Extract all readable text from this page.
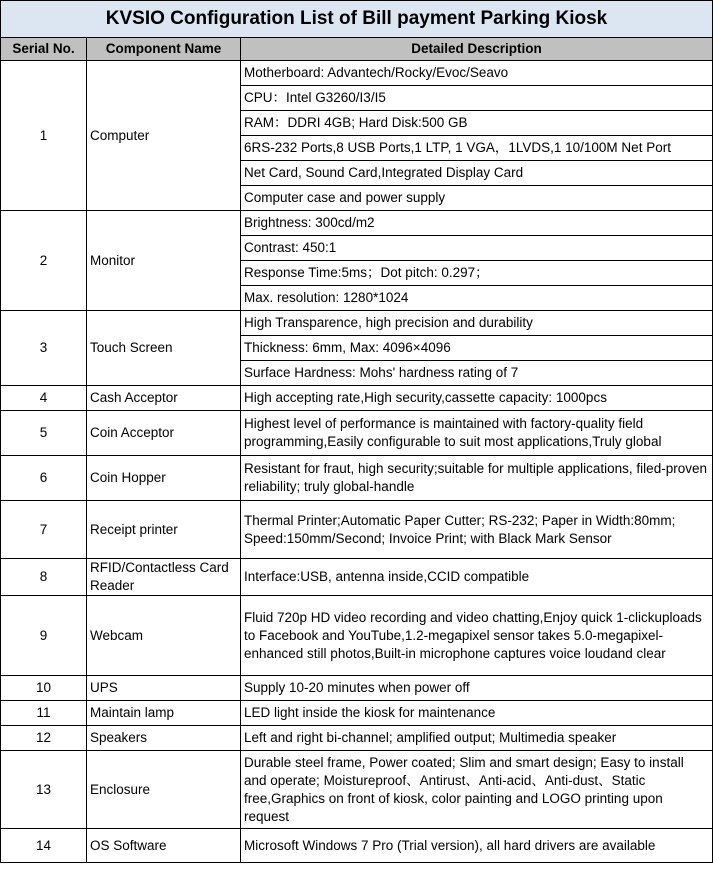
KVSIO Configuration List of Bill payment Parking Kiosk		
Serial No.	Component Name	Detailed Description
1	Computer	Motherboard: Advantech/Rocky/Evoc/Seavo
		CPU：Intel G3260/I3/I5
		RAM：DDRI 4GB; Hard Disk:500 GB
		6RS-232 Ports,8 USB Ports,1 LTP, 1 VGA，1LVDS,1 10/100M Net Port
		Net Card, Sound Card,Integrated Display Card
		Computer case and power supply
2	Monitor	Brightness: 300cd/m2
		Contrast: 450:1
		Response Time:5ms；Dot pitch: 0.297；
		Max. resolution: 1280*1024
3	Touch Screen	High Transparence, high precision and durability
		Thickness: 6mm, Max: 4096×4096
		Surface Hardness: Mohs' hardness rating of 7
4	Cash Acceptor	High accepting rate,High security,cassette capacity: 1000pcs
5	Coin Acceptor	Highest level of performance is maintained with factory-quality field programming,Easily configurable to suit most applications,Truly global
6	Coin Hopper	Resistant for fraut, high security;suitable for multiple applications, filed-proven reliability; truly global-handle
7	Receipt printer	Thermal Printer;Automatic Paper Cutter; RS-232; Paper in Width:80mm; Speed:150mm/Second; Invoice Print; with Black Mark Sensor
8	RFID/Contactless Card Reader	Interface:USB, antenna inside,CCID compatible
9	Webcam	Fluid 720p HD video recording and video chatting,Enjoy quick 1-clickuploads to Facebook and YouTube,1.2-megapixel sensor takes 5.0-megapixel-enhanced still photos,Built-in microphone captures voice loudand clear
10	UPS	Supply 10-20 minutes when power off
11	Maintain lamp	LED light inside the kiosk for maintenance
12	Speakers	Left and right bi-channel; amplified output; Multimedia speaker
13	Enclosure	Durable steel frame, Power coated; Slim and smart design; Easy to install and operate; Moistureproof、Antirust、Anti-acid、Anti-dust、Static free,Graphics on front of kiosk, color painting and LOGO printing upon request
14	OS Software	Microsoft Windows 7 Pro (Trial version), all hard drivers are available
